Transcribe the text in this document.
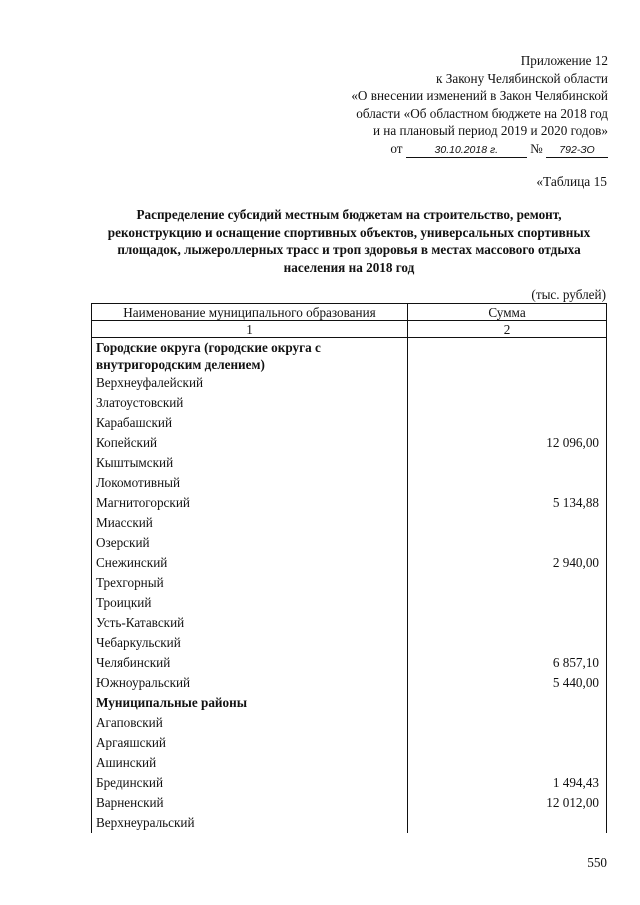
Приложение 12
к Закону Челябинской области
«О внесении изменений в Закон Челябинской
области «Об областном бюджете на 2018 год
и на плановый период 2019 и 2020 годов»
от	30.10.2018 г. № 792-ЗО
«Таблица 15
Распределение субсидий местным бюджетам на строительство, ремонт, реконструкцию и оснащение спортивных объектов, универсальных спортивных площадок, лыжероллерных трасс и троп здоровья в местах массового отдыха населения на 2018 год
(тыс. рублей)
Наименование муниципального образования	Сумма
1	2
Городские округа (городские округа с внутригородским делением)	
Верхнеуфалейский	
Златоустовский	
Карабашский	
Копейский	12 096,00
Кыштымский	
Локомотивный	
Магнитогорский	5 134,88
Миасский	
Озерский	
Снежинский	2 940,00
Трехгорный	
Троицкий	
Усть-Катавский	
Чебаркульский	
Челябинский	6 857,10
Южноуральский	5 440,00
Муниципальные районы	
Агаповский	
Аргаяшский	
Ашинский	
Брединский	1 494,43
Варненский	12 012,00
Верхнеуральский	
550
